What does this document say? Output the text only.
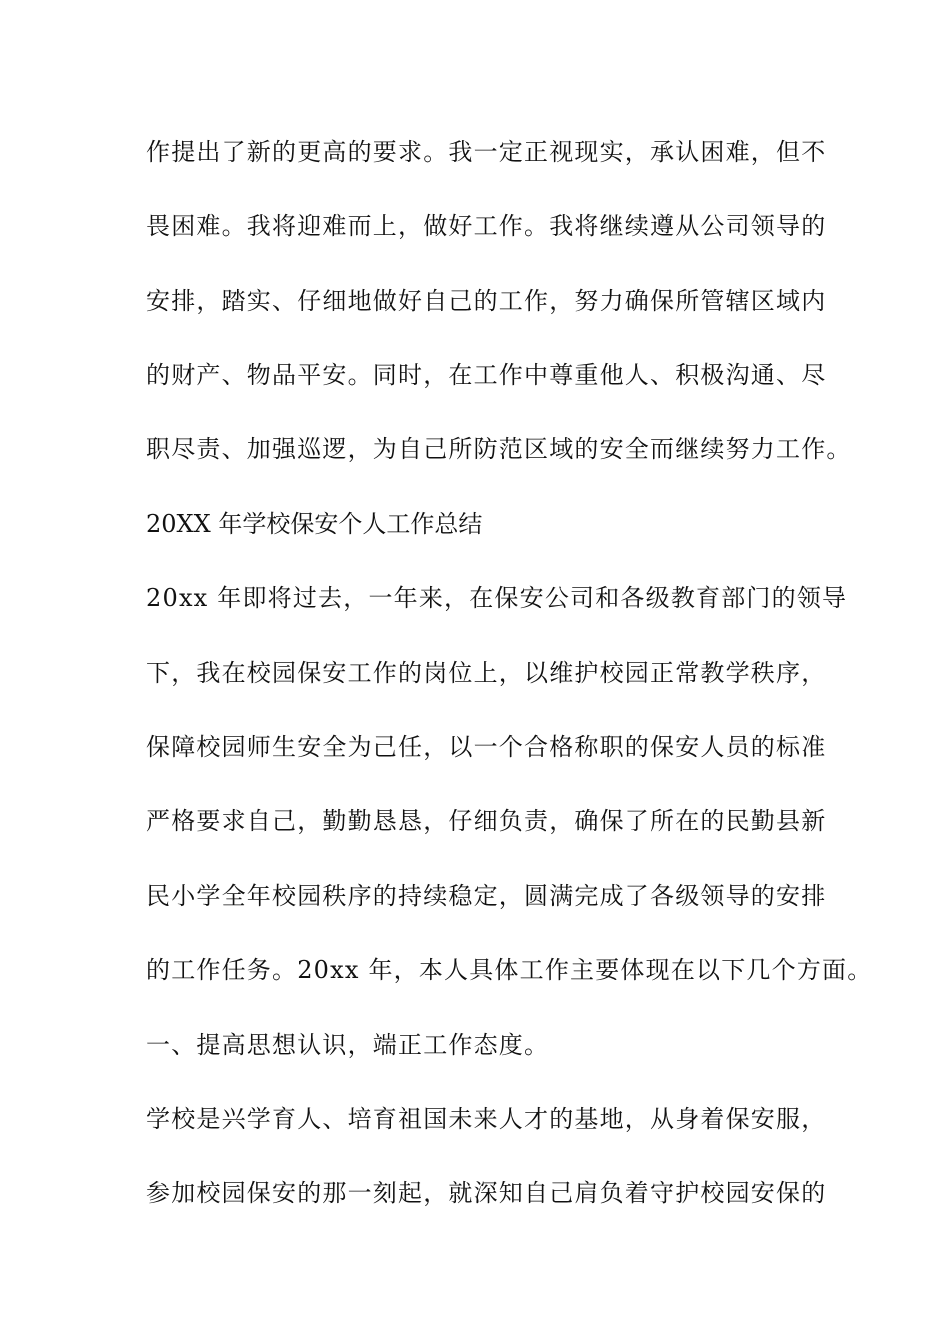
作提出了新的更高的要求。我一定正视现实，承认困难，但不
畏困难。我将迎难而上，做好工作。我将继续遵从公司领导的
安排，踏实、仔细地做好自己的工作，努力确保所管辖区域内
的财产、物品平安。同时，在工作中尊重他人、积极沟通、尽
职尽责、加强巡逻，为自己所防范区域的安全而继续努力工作。
20XX 年学校保安个人工作总结
20xx 年即将过去，一年来，在保安公司和各级教育部门的领导
下，我在校园保安工作的岗位上，以维护校园正常教学秩序，
保障校园师生安全为己任，以一个合格称职的保安人员的标准
严格要求自己，勤勤恳恳，仔细负责，确保了所在的民勤县新
民小学全年校园秩序的持续稳定，圆满完成了各级领导的安排
的工作任务。20xx 年，本人具体工作主要体现在以下几个方面。
一、提高思想认识，端正工作态度。
学校是兴学育人、培育祖国未来人才的基地，从身着保安服，
参加校园保安的那一刻起，就深知自己肩负着守护校园安保的
